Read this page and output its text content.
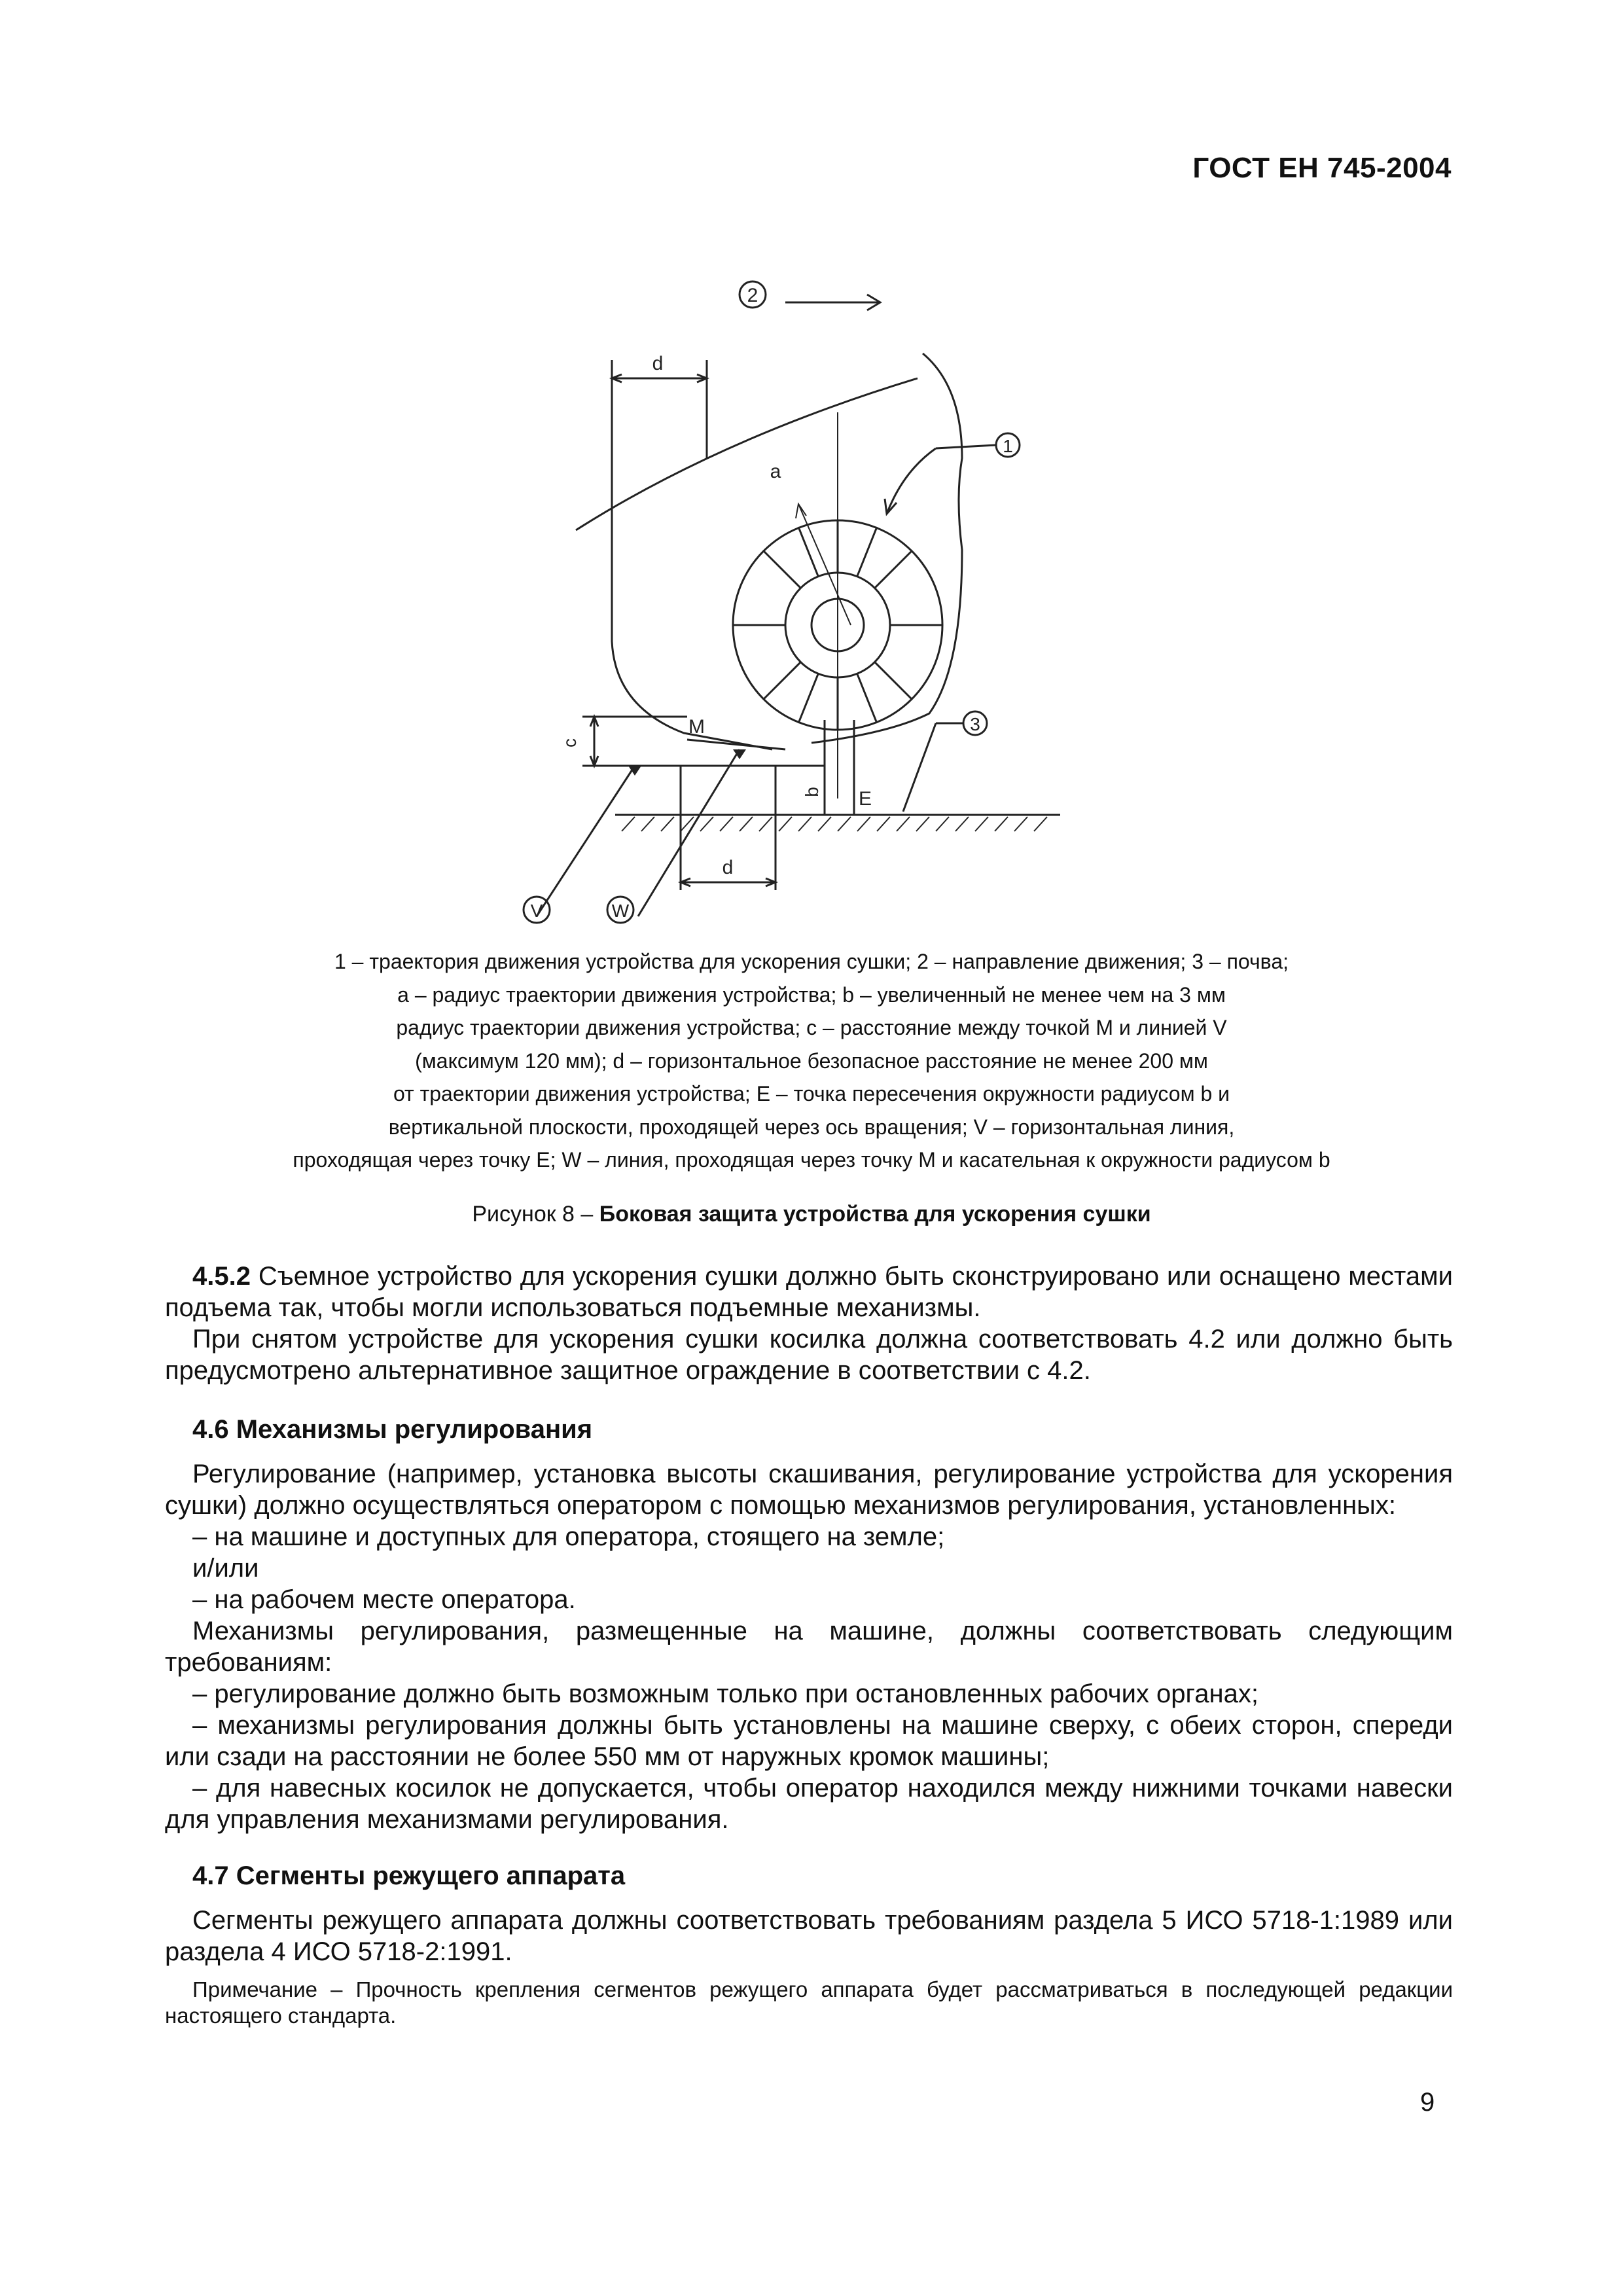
ГОСТ ЕН 745-2004
2
d
a
1
3
c
M
b E
d
V	W
1 – траектория движения устройства для ускорения сушки; 2 – направление движения; 3 – почва;
a – радиус траектории движения устройства; b – увеличенный не менее чем на 3 мм
радиус траектории движения устройства; c – расстояние между точкой M и линией V
(максимум 120 мм); d – горизонтальное безопасное расстояние не менее 200 мм
от траектории движения устройства; E – точка пересечения окружности радиусом b и
вертикальной плоскости, проходящей через ось вращения; V – горизонтальная линия,
проходящая через точку E; W – линия, проходящая через точку M и касательная к окружности радиусом b
Рисунок 8 – Боковая защита устройства для ускорения сушки

4.5.2 Съемное устройство для ускорения сушки должно быть сконструировано или оснащено местами подъема так, чтобы могли использоваться подъемные механизмы.

При снятом устройстве для ускорения сушки косилка должна соответствовать 4.2 или должно быть предусмотрено альтернативное защитное ограждение в соответствии с 4.2.

4.6 Механизмы регулирования

Регулирование (например, установка высоты скашивания, регулирование устройства для ускорения сушки) должно осуществляться оператором с помощью механизмов регулирования, установленных:

– на машине и доступных для оператора, стоящего на земле;

и/или

– на рабочем месте оператора.

Механизмы регулирования, размещенные на машине, должны соответствовать следующим требованиям:

– регулирование должно быть возможным только при остановленных рабочих органах;

– механизмы регулирования должны быть установлены на машине сверху, с обеих сторон, спереди или сзади на расстоянии не более 550 мм от наружных кромок машины;

– для навесных косилок не допускается, чтобы оператор находился между нижними точками навески для управления механизмами регулирования.

4.7 Сегменты режущего аппарата

Сегменты режущего аппарата должны соответствовать требованиям раздела 5 ИСО 5718-1:1989 или раздела 4 ИСО 5718-2:1991.

Примечание – Прочность крепления сегментов режущего аппарата будет рассматриваться в последующей редакции настоящего стандарта.

9
